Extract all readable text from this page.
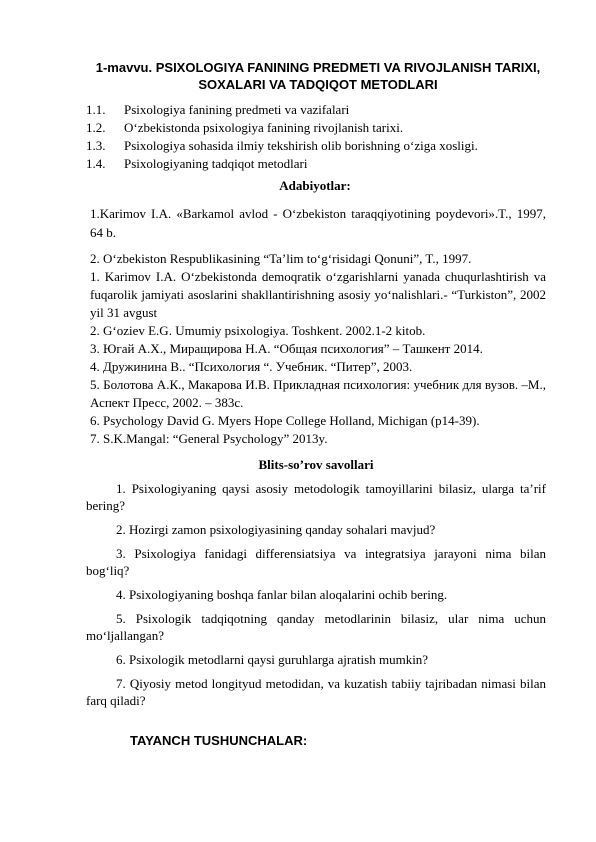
1-mavvu. PSIXOLOGIYA FANINING PREDMETI VA RIVOJLANISH TARIXI, SOXALARI VA TADQIQOT METODLARI
1.1.	Psixologiya fanining predmeti va vazifalari
1.2.	O‘zbekistonda psixologiya fanining rivojlanish tarixi.
1.3.	Psixologiya sohasida ilmiy tekshirish olib borishning o‘ziga xosligi.
1.4.	Psixologiyaning tadqiqot metodlari
Adabiyotlar:

1.Karimov I.A. «Barkamol avlod - O‘zbekiston taraqqiyotining poydevori».T., 1997, 64 b.

2. O‘zbekiston Respublikasining “Ta’lim to‘g‘risidagi Qonuni”, T., 1997.

1. Karimov I.A. O‘zbekistonda demoqratik o‘zgarishlarni yanada chuqurlashtirish va fuqarolik jamiyati asoslarini shakllantirishning asosiy yo‘nalishlari.- “Turkiston”, 2002 yil 31 avgust

2. G‘oziev E.G. Umumiy psixologiya. Toshkent. 2002.1-2 kitob.

3. Югай А.Х., Миращирова Н.А. “Общая психология” – Ташкент 2014.

4. Дружинина В.. “Психология “. Учебник. “Питер”, 2003.

5. Болотова А.К., Макарова И.В. Прикладная психология: учебник для вузов. –М., Аспект Пресс, 2002. – 383с.

6. Psychology David G. Myers Hope College Holland, Michigan (p14-39).

7. S.K.Mangal: “General Psychology” 2013y.

Blits-so’rov savollari

1. Psixologiyaning qaysi asosiy metodologik tamoyillarini bilasiz, ularga ta’rif bering?

2. Hozirgi zamon psixologiyasining qanday sohalari mavjud?

3. Psixologiya fanidagi differensiatsiya va integratsiya jarayoni nima bilan bog‘liq?

4. Psixologiyaning boshqa fanlar bilan aloqalarini ochib bering.

5. Psixologik tadqiqotning qanday metodlarinin bilasiz, ular nima uchun mo‘ljallangan?

6. Psixologik metodlarni qaysi guruhlarga ajratish mumkin?

7. Qiyosiy metod longityud metodidan, va kuzatish tabiiy tajribadan nimasi bilan farq qiladi?

TAYANCH TUSHUNCHALAR:
